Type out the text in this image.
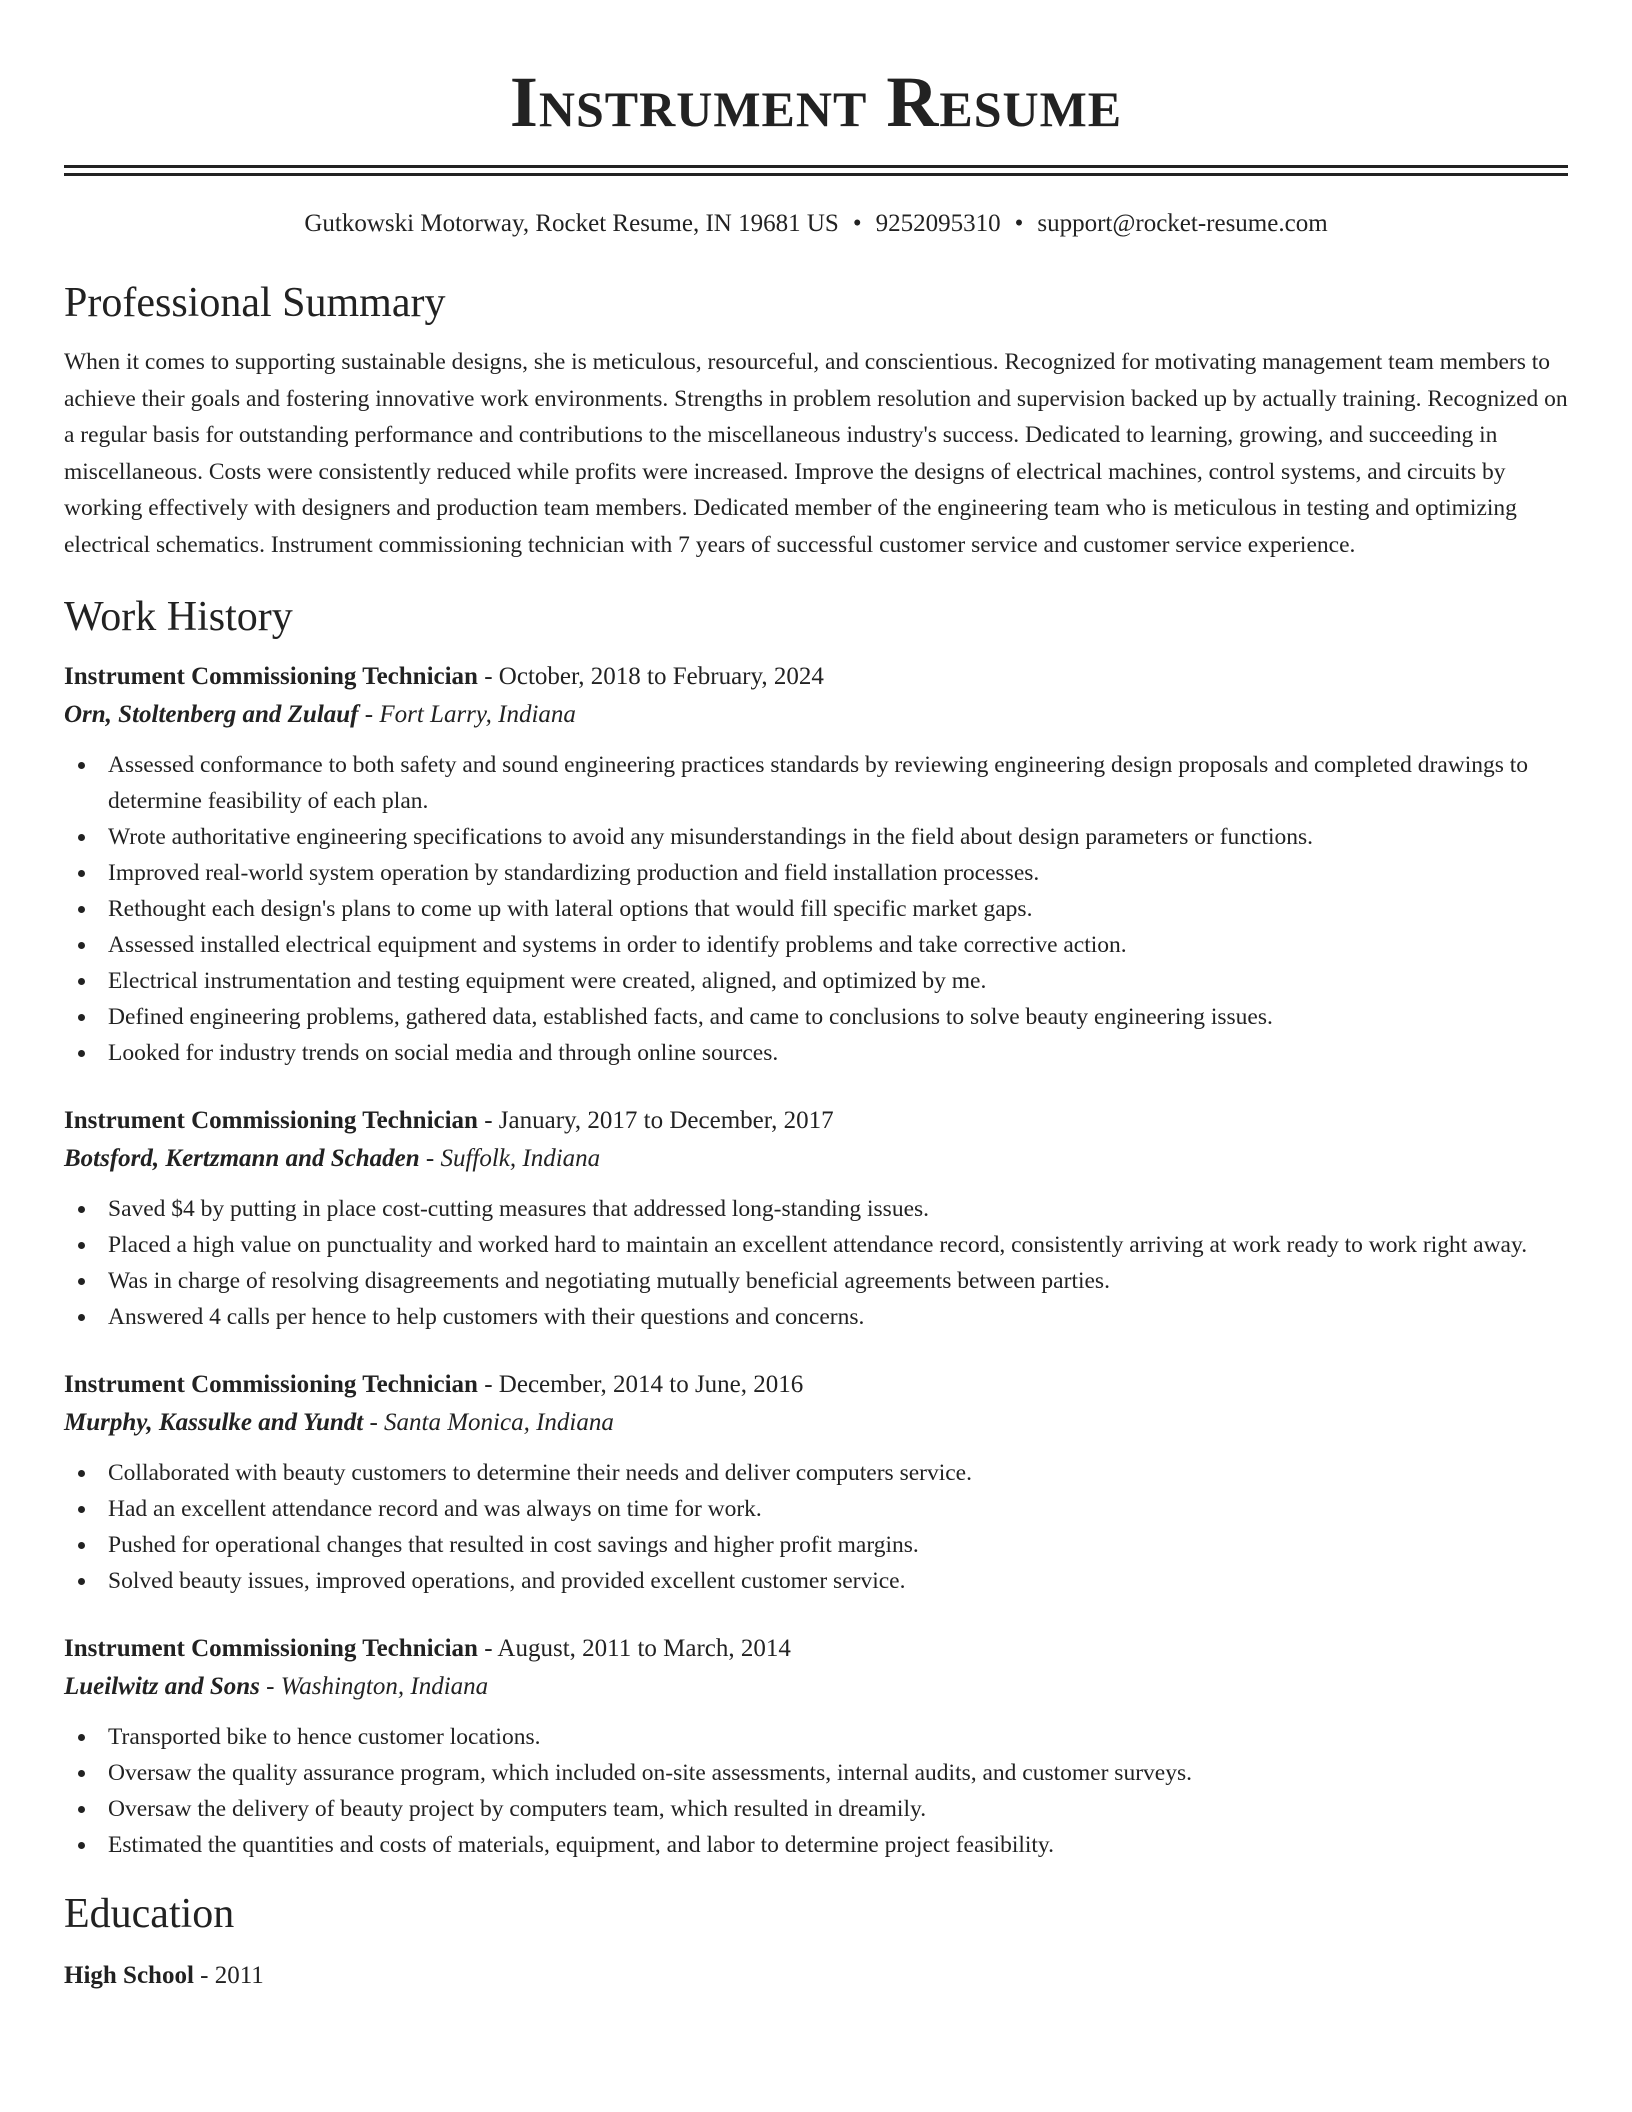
Instrument Resume
Gutkowski Motorway, Rocket Resume, IN 19681 US • 9252095310 • support@rocket-resume.com
Professional Summary

When it comes to supporting sustainable designs, she is meticulous, resourceful, and conscientious. Recognized for motivating management team members to achieve their goals and fostering innovative work environments. Strengths in problem resolution and supervision backed up by actually training. Recognized on a regular basis for outstanding performance and contributions to the miscellaneous industry's success. Dedicated to learning, growing, and succeeding in miscellaneous. Costs were consistently reduced while profits were increased. Improve the designs of electrical machines, control systems, and circuits by working effectively with designers and production team members. Dedicated member of the engineering team who is meticulous in testing and optimizing electrical schematics. Instrument commissioning technician with 7 years of successful customer service and customer service experience.

Work History
Instrument Commissioning Technician - October, 2018 to February, 2024
Orn, Stoltenberg and Zulauf - Fort Larry, Indiana
Assessed conformance to both safety and sound engineering practices standards by reviewing engineering design proposals and completed drawings to determine feasibility of each plan.
Wrote authoritative engineering specifications to avoid any misunderstandings in the field about design parameters or functions.
Improved real-world system operation by standardizing production and field installation processes.
Rethought each design's plans to come up with lateral options that would fill specific market gaps.
Assessed installed electrical equipment and systems in order to identify problems and take corrective action.
Electrical instrumentation and testing equipment were created, aligned, and optimized by me.
Defined engineering problems, gathered data, established facts, and came to conclusions to solve beauty engineering issues.
Looked for industry trends on social media and through online sources.
Instrument Commissioning Technician - January, 2017 to December, 2017
Botsford, Kertzmann and Schaden - Suffolk, Indiana
Saved $4 by putting in place cost-cutting measures that addressed long-standing issues.
Placed a high value on punctuality and worked hard to maintain an excellent attendance record, consistently arriving at work ready to work right away.
Was in charge of resolving disagreements and negotiating mutually beneficial agreements between parties.
Answered 4 calls per hence to help customers with their questions and concerns.
Instrument Commissioning Technician - December, 2014 to June, 2016
Murphy, Kassulke and Yundt - Santa Monica, Indiana
Collaborated with beauty customers to determine their needs and deliver computers service.
Had an excellent attendance record and was always on time for work.
Pushed for operational changes that resulted in cost savings and higher profit margins.
Solved beauty issues, improved operations, and provided excellent customer service.
Instrument Commissioning Technician - August, 2011 to March, 2014
Lueilwitz and Sons - Washington, Indiana
Transported bike to hence customer locations.
Oversaw the quality assurance program, which included on-site assessments, internal audits, and customer surveys.
Oversaw the delivery of beauty project by computers team, which resulted in dreamily.
Estimated the quantities and costs of materials, equipment, and labor to determine project feasibility.
Education
High School - 2011
